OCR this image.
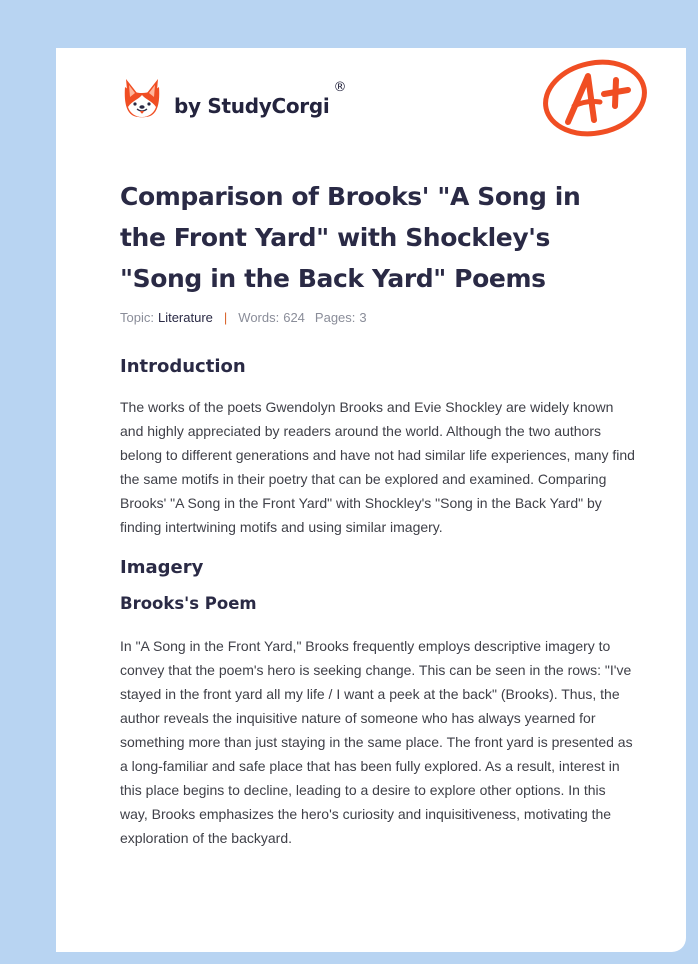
by StudyCorgi
®
Comparison of Brooks' "A Song in the Front Yard" with Shockley's "Song in the Back Yard" Poems
Topic: Literature | Words: 624 Pages: 3
Introduction

The works of the poets Gwendolyn Brooks and Evie Shockley are widely known and highly appreciated by readers around the world. Although the two authors belong to different generations and have not had similar life experiences, many find the same motifs in their poetry that can be explored and examined. Comparing Brooks' "A Song in the Front Yard" with Shockley's "Song in the Back Yard" by finding intertwining motifs and using similar imagery.

Imagery
Brooks's Poem

In "A Song in the Front Yard," Brooks frequently employs descriptive imagery to convey that the poem's hero is seeking change. This can be seen in the rows: "I've stayed in the front yard all my life / I want a peek at the back" (Brooks). Thus, the author reveals the inquisitive nature of someone who has always yearned for something more than just staying in the same place. The front yard is presented as a long-familiar and safe place that has been fully explored. As a result, interest in this place begins to decline, leading to a desire to explore other options. In this way, Brooks emphasizes the hero's curiosity and inquisitiveness, motivating the exploration of the backyard.
